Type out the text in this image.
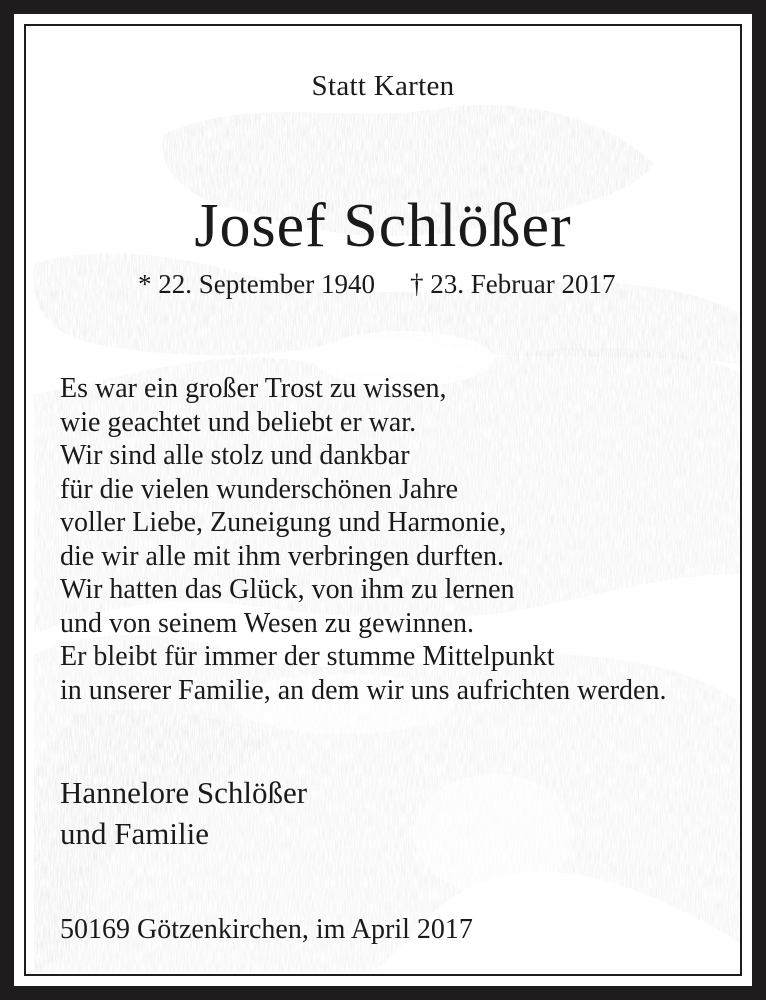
Statt Karten
Josef Schlößer
* 22. September 1940 † 23. Februar 2017
Es war ein großer Trost zu wissen,
wie geachtet und beliebt er war.
Wir sind alle stolz und dankbar
für die vielen wunderschönen Jahre
voller Liebe, Zuneigung und Harmonie,
die wir alle mit ihm verbringen durften.
Wir hatten das Glück, von ihm zu lernen
und von seinem Wesen zu gewinnen.
Er bleibt für immer der stumme Mittelpunkt
in unserer Familie, an dem wir uns aufrichten werden.
Hannelore Schlößer
und Familie
50169 Götzenkirchen, im April 2017
